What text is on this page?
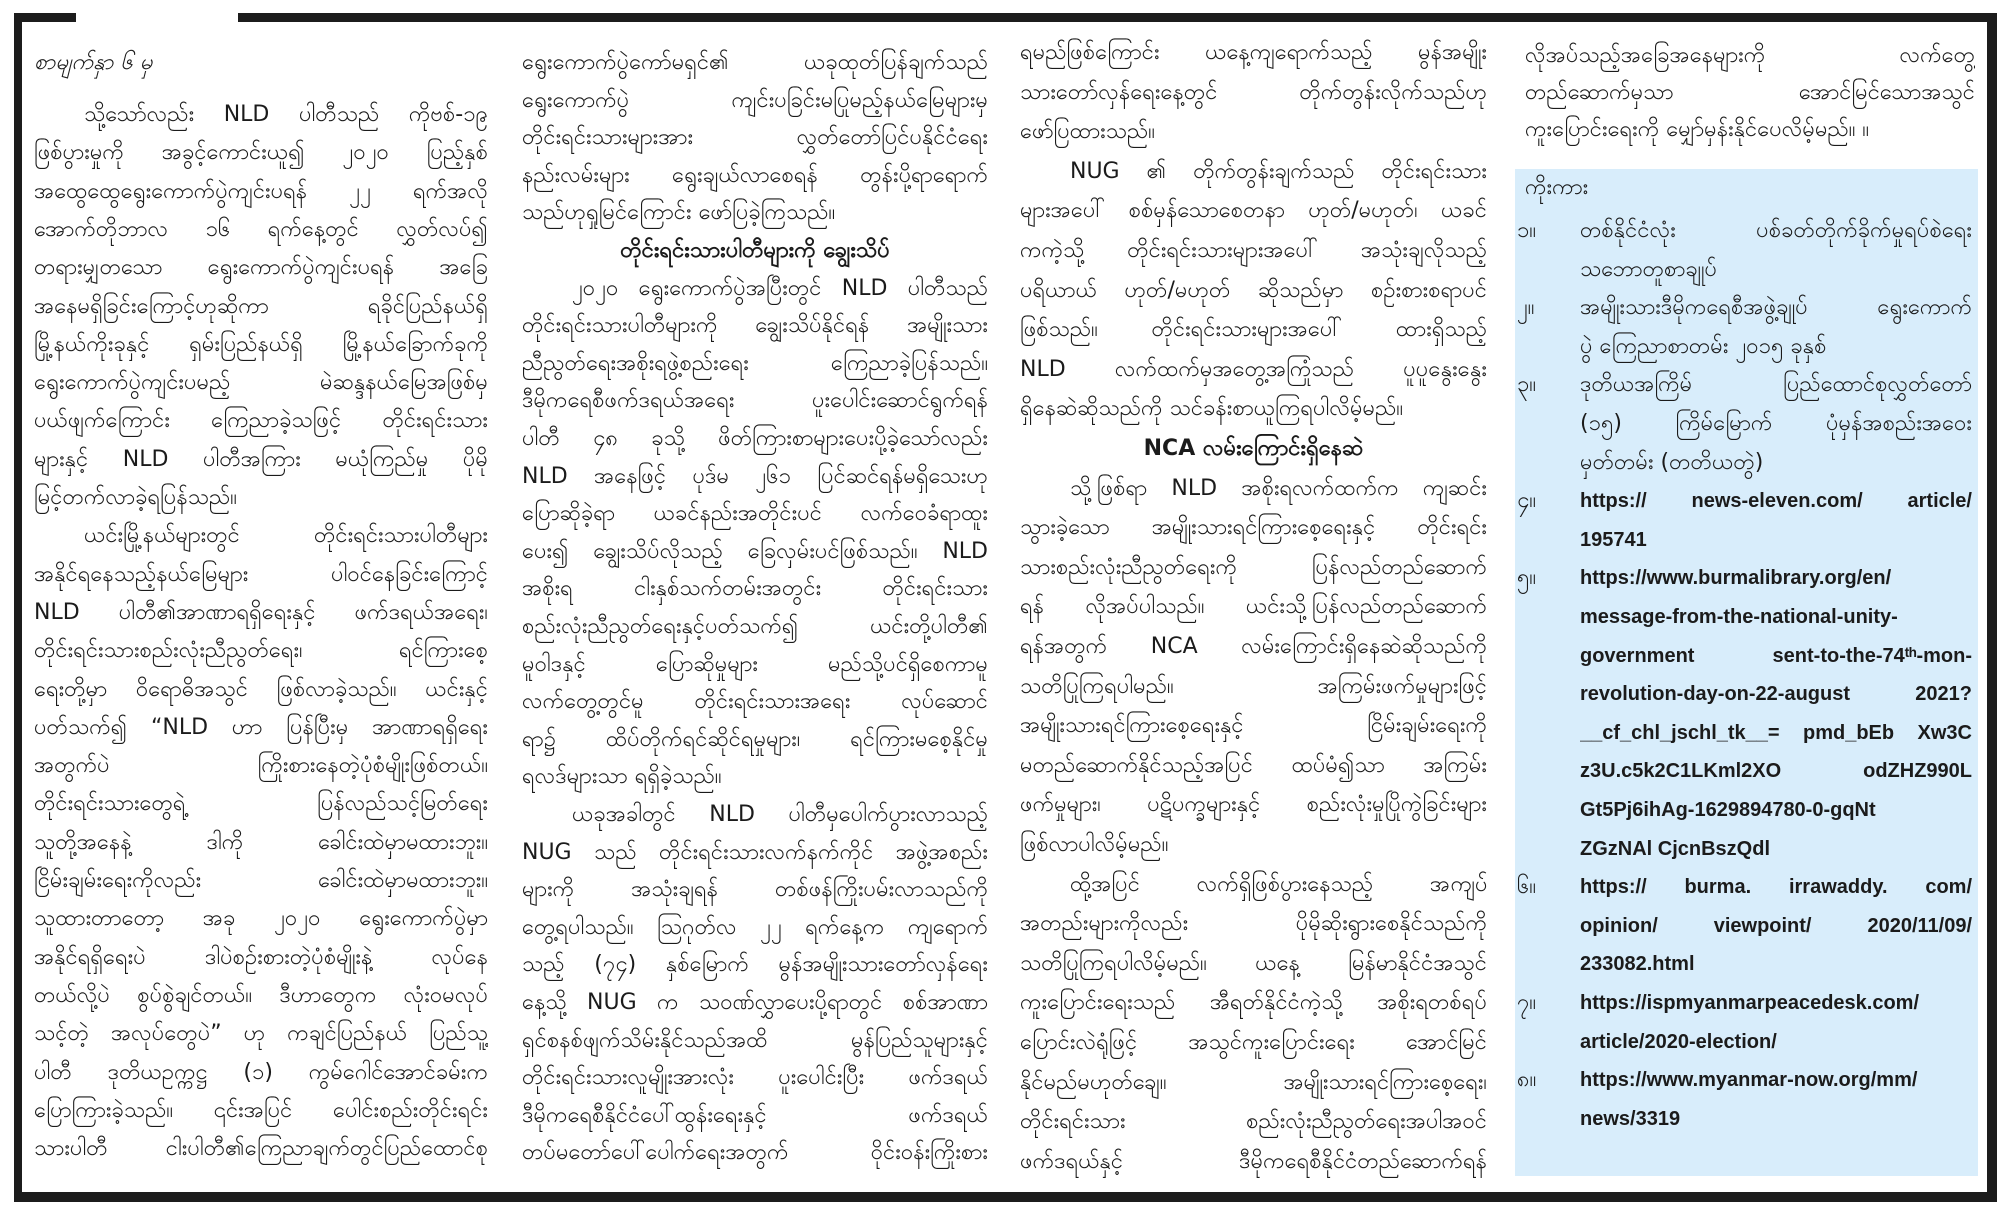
စာမျက်နှာ ၆ မှ
သို့သော်လည်း NLD ပါတီသည် ကိုဗစ်-၁၉
ဖြစ်ပွားမှုကို အခွင့်ကောင်းယူ၍ ၂၀၂၀ ပြည့်နှစ်
အထွေထွေရွေးကောက်ပွဲကျင်းပရန် ၂၂ ရက်အလို
အောက်တိုဘာလ ၁၆ ရက်နေ့တွင် လွှတ်လပ်၍
တရားမျှတသော ရွေးကောက်ပွဲကျင်းပရန် အခြေ
အနေမရှိခြင်းကြောင့်ဟုဆိုကာ ရခိုင်ပြည်နယ်ရှိ
မြို့နယ်ကိုးခုနှင့် ရှမ်းပြည်နယ်ရှိ မြို့နယ်ခြောက်ခုကို
ရွေးကောက်ပွဲကျင်းပမည့် မဲဆန္ဒနယ်မြေအဖြစ်မှ
ပယ်ဖျက်ကြောင်း ကြေညာခဲ့သဖြင့် တိုင်းရင်းသား
များနှင့် NLD ပါတီအကြား မယုံကြည်မှု ပိုမို
မြင့်တက်လာခဲ့ရပြန်သည်။
ယင်းမြို့နယ်များတွင် တိုင်းရင်းသားပါတီများ
အနိုင်ရနေသည့်နယ်မြေများ ပါဝင်နေခြင်းကြောင့်
NLD ပါတီ၏အာဏာရရှိရေးနှင့် ဖက်ဒရယ်အရေး၊
တိုင်းရင်းသားစည်းလုံးညီညွတ်ရေး၊ ရင်ကြားစေ့
ရေးတို့မှာ ဝိရောဓိအသွင် ဖြစ်လာခဲ့သည်။ ယင်းနှင့်
ပတ်သက်၍ “NLD ဟာ ပြန်ပြီးမှ အာဏာရရှိရေး
အတွက်ပဲ ကြိုးစားနေတဲ့ပုံစံမျိုးဖြစ်တယ်။
တိုင်းရင်းသားတွေရဲ့ ပြန်လည်သင့်မြတ်ရေး
သူတို့အနေနဲ့ ဒါကို ခေါင်းထဲမှာမထားဘူး။
ငြိမ်းချမ်းရေးကိုလည်း ခေါင်းထဲမှာမထားဘူး။
သူထားတာတော့ အခု ၂၀၂၀ ရွေးကောက်ပွဲမှာ
အနိုင်ရရှိရေးပဲ ဒါပဲစဉ်းစားတဲ့ပုံစံမျိုးနဲ့ လုပ်နေ
တယ်လို့ပဲ စွပ်စွဲချင်တယ်။ ဒီဟာတွေက လုံးဝမလုပ်
သင့်တဲ့ အလုပ်တွေပဲ” ဟု ကချင်ပြည်နယ် ပြည်သူ့
ပါတီ ဒုတိယဥက္ကဋ္ဌ (၁) ကွမ်ဂေါင်အောင်ခမ်းက
ပြောကြားခဲ့သည်။ ၎င်းအပြင် ပေါင်းစည်းတိုင်းရင်း
သားပါတီ ငါးပါတီ၏ကြေညာချက်တွင်ပြည်ထောင်စု
ရွေးကောက်ပွဲကော်မရှင်၏ ယခုထုတ်ပြန်ချက်သည်
ရွေးကောက်ပွဲ ကျင်းပခြင်းမပြုမည့်နယ်မြေများမှ
တိုင်းရင်းသားများအား လွှတ်တော်ပြင်ပနိုင်ငံရေး
နည်းလမ်းများ ရွေးချယ်လာစေရန် တွန်းပို့ရာရောက်
သည်ဟုရှုမြင်ကြောင်း ဖော်ပြခဲ့ကြသည်။
တိုင်းရင်းသားပါတီများကို ချွေးသိပ်
၂၀၂၀ ရွေးကောက်ပွဲအပြီးတွင် NLD ပါတီသည်
တိုင်းရင်းသားပါတီများကို ချွေးသိပ်နိုင်ရန် အမျိုးသား
ညီညွတ်ရေးအစိုးရဖွဲ့စည်းရေး ကြေညာခဲ့ပြန်သည်။
ဒီမိုကရေစီဖက်ဒရယ်အရေး ပူးပေါင်းဆောင်ရွက်ရန်
ပါတီ ၄၈ ခုသို့ ဖိတ်ကြားစာများပေးပို့ခဲ့သော်လည်း
NLD အနေဖြင့် ပုဒ်မ ၂၆၁ ပြင်ဆင်ရန်မရှိသေးဟု
ပြောဆိုခဲ့ရာ ယခင်နည်းအတိုင်းပင် လက်ဝေခံရာထူး
ပေး၍ ချွေးသိပ်လိုသည့် ခြေလှမ်းပင်ဖြစ်သည်။ NLD
အစိုးရ ငါးနှစ်သက်တမ်းအတွင်း တိုင်းရင်းသား
စည်းလုံးညီညွတ်ရေးနှင့်ပတ်သက်၍ ယင်းတို့ပါတီ၏
မူဝါဒနှင့် ပြောဆိုမှုများ မည်သို့ပင်ရှိစေကာမူ
လက်တွေ့တွင်မူ တိုင်းရင်းသားအရေး လုပ်ဆောင်
ရာ၌ ထိပ်တိုက်ရင်ဆိုင်ရမှုများ၊ ရင်ကြားမစေ့နိုင်မှု
ရလဒ်များသာ ရရှိခဲ့သည်။
ယခုအခါတွင် NLD ပါတီမှပေါက်ပွားလာသည့်
NUG သည် တိုင်းရင်းသားလက်နက်ကိုင် အဖွဲ့အစည်း
များကို အသုံးချရန် တစ်ဖန်ကြိုးပမ်းလာသည်ကို
တွေ့ရပါသည်။ ဩဂုတ်လ ၂၂ ရက်နေ့က ကျရောက်
သည့် (၇၄) နှစ်မြောက် မွန်အမျိုးသားတော်လှန်ရေး
နေ့သို့ NUG က သဝဏ်လွှာပေးပို့ရာတွင် စစ်အာဏာ
ရှင်စနစ်ဖျက်သိမ်းနိုင်သည်အထိ မွန်ပြည်သူများနှင့်
တိုင်းရင်းသားလူမျိုးအားလုံး ပူးပေါင်းပြီး ဖက်ဒရယ်
ဒီမိုကရေစီနိုင်ငံပေါ်ထွန်းရေးနှင့် ဖက်ဒရယ်
တပ်မတော်ပေါ်ပေါက်ရေးအတွက် ဝိုင်းဝန်းကြိုးစား
ရမည်ဖြစ်ကြောင်း ယနေ့ကျရောက်သည့် မွန်အမျိုး
သားတော်လှန်ရေးနေ့တွင် တိုက်တွန်းလိုက်သည်ဟု
ဖော်ပြထားသည်။
NUG ၏ တိုက်တွန်းချက်သည် တိုင်းရင်းသား
များအပေါ် စစ်မှန်သောစေတနာ ဟုတ်/မဟုတ်၊ ယခင်
ကကဲ့သို့ တိုင်းရင်းသားများအပေါ် အသုံးချလိုသည့်
ပရိယာယ် ဟုတ်/မဟုတ် ဆိုသည်မှာ စဉ်းစားစရာပင်
ဖြစ်သည်။ တိုင်းရင်းသားများအပေါ် ထားရှိသည့်
NLD လက်ထက်မှအတွေ့အကြုံသည် ပူပူနွေးနွေး
ရှိနေဆဲဆိုသည်ကို သင်ခန်းစာယူကြရပါလိမ့်မည်။
NCA လမ်းကြောင်းရှိနေဆဲ
သို့ဖြစ်ရာ NLD အစိုးရလက်ထက်က ကျဆင်း
သွားခဲ့သော အမျိုးသားရင်ကြားစေ့ရေးနှင့် တိုင်းရင်း
သားစည်းလုံးညီညွတ်ရေးကို ပြန်လည်တည်ဆောက်
ရန် လိုအပ်ပါသည်။ ယင်းသို့ပြန်လည်တည်ဆောက်
ရန်အတွက် NCA လမ်းကြောင်းရှိနေဆဲဆိုသည်ကို
သတိပြုကြရပါမည်။ အကြမ်းဖက်မှုများဖြင့်
အမျိုးသားရင်ကြားစေ့ရေးနှင့် ငြိမ်းချမ်းရေးကို
မတည်ဆောက်နိုင်သည့်အပြင် ထပ်မံ၍သာ အကြမ်း
ဖက်မှုများ၊ ပဋိပက္ခများနှင့် စည်းလုံးမှုပြိုကွဲခြင်းများ
ဖြစ်လာပါလိမ့်မည်။
ထို့အပြင် လက်ရှိဖြစ်ပွားနေသည့် အကျပ်
အတည်းများကိုလည်း ပိုမိုဆိုးရွားစေနိုင်သည်ကို
သတိပြုကြရပါလိမ့်မည်။ ယနေ့ မြန်မာနိုင်ငံအသွင်
ကူးပြောင်းရေးသည် အီရတ်နိုင်ငံကဲ့သို့ အစိုးရတစ်ရပ်
ပြောင်းလဲရုံဖြင့် အသွင်ကူးပြောင်းရေး အောင်မြင်
နိုင်မည်မဟုတ်ချေ။ အမျိုးသားရင်ကြားစေ့ရေး၊
တိုင်းရင်းသား စည်းလုံးညီညွတ်ရေးအပါအဝင်
ဖက်ဒရယ်နှင့် ဒီမိုကရေစီနိုင်ငံတည်ဆောက်ရန်
လိုအပ်သည့်အခြေအနေများကို လက်တွေ့
တည်ဆောက်မှသာ အောင်မြင်သောအသွင်
ကူးပြောင်းရေးကို မျှော်မှန်းနိုင်ပေလိမ့်မည်။ ။
ကိုးကား
၁။	တစ်နိုင်ငံလုံး ပစ်ခတ်တိုက်ခိုက်မှုရပ်စဲရေး
သဘောတူစာချုပ်
၂။	အမျိုးသားဒီမိုကရေစီအဖွဲ့ချုပ် ရွေးကောက်
ပွဲ ကြေညာစာတမ်း ၂၀၁၅ ခုနှစ်
၃။	ဒုတိယအကြိမ် ပြည်ထောင်စုလွှတ်တော်
(၁၅) ကြိမ်မြောက် ပုံမှန်အစည်းအဝေး
မှတ်တမ်း (တတိယတွဲ)
၄။	https:// news-eleven.com/ article/
195741
၅။	https://www.burmalibrary.org/en/
message-from-the-national-unity-
government sent-to-the-74ᵗʰ-mon-
revolution-day-on-22-august 2021?
__cf_chl_jschl_tk__= pmd_bEb Xw3C
z3U.c5k2C1LKml2XO odZHZ990L
Gt5Pj6ihAg-1629894780-0-gqNt
ZGzNAl CjcnBszQdl
၆။	https:// burma. irrawaddy. com/
opinion/ viewpoint/ 2020/11/09/
233082.html
၇။	https://ispmyanmarpeacedesk.com/
article/2020-election/
၈။	https://www.myanmar-now.org/mm/
news/3319
